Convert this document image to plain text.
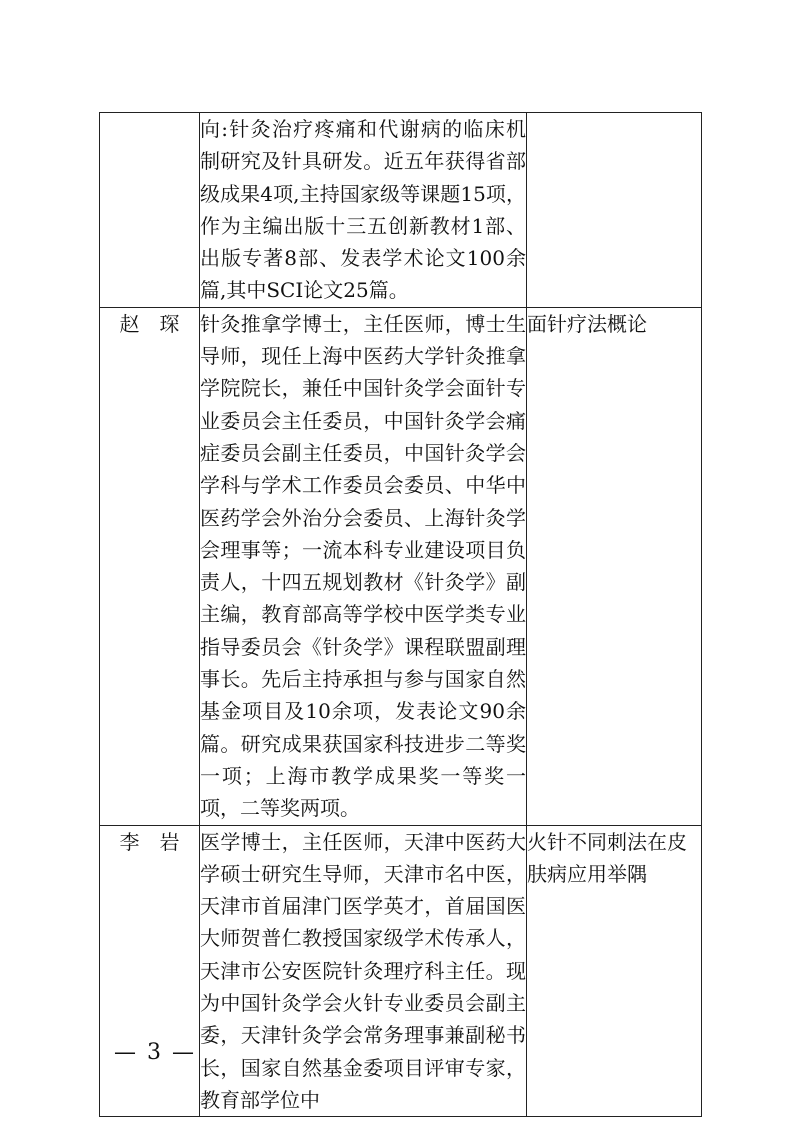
	向:针灸治疗疼痛和代谢病的临床机制研究及针具研发。近五年获得省部级成果4项,主持国家级等课题15项，作为主编出版十三五创新教材1部、出版专著8部、发表学术论文100余篇,其中SCI论文25篇。	
赵　琛	针灸推拿学博士，主任医师，博士生导师，现任上海中医药大学针灸推拿学院院长，兼任中国针灸学会面针专业委员会主任委员，中国针灸学会痛症委员会副主任委员，中国针灸学会学科与学术工作委员会委员、中华中医药学会外治分会委员、上海针灸学会理事等；一流本科专业建设项目负责人，十四五规划教材《针灸学》副主编，教育部高等学校中医学类专业指导委员会《针灸学》课程联盟副理事长。先后主持承担与参与国家自然基金项目及10余项，发表论文90余篇。研究成果获国家科技进步二等奖一项；上海市教学成果奖一等奖一项，二等奖两项。	面针疗法概论
李　岩	医学博士，主任医师，天津中医药大学硕士研究生导师，天津市名中医，天津市首届津门医学英才，首届国医大师贺普仁教授国家级学术传承人，天津市公安医院针灸理疗科主任。现为中国针灸学会火针专业委员会副主委，天津针灸学会常务理事兼副秘书长，国家自然基金委项目评审专家，教育部学位中	火针不同刺法在皮肤病应用举隅
— 3 —
